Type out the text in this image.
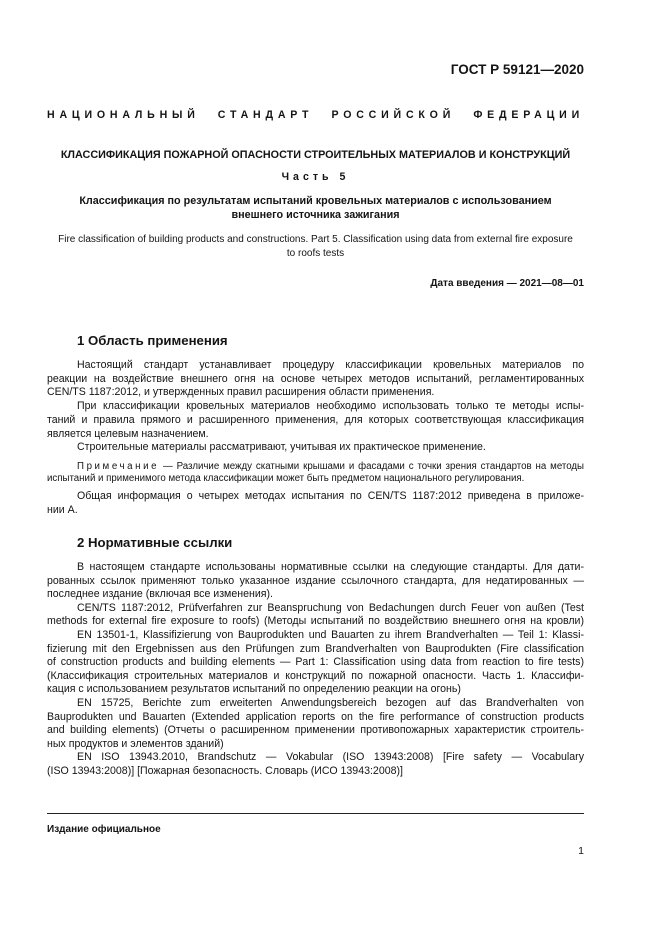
ГОСТ Р 59121—2020
НАЦИОНАЛЬНЫЙ СТАНДАРТ РОССИЙСКОЙ ФЕДЕРАЦИИ
КЛАССИФИКАЦИЯ ПОЖАРНОЙ ОПАСНОСТИ СТРОИТЕЛЬНЫХ МАТЕРИАЛОВ И КОНСТРУКЦИЙ
Часть 5
Классификация по результатам испытаний кровельных материалов с использованием
внешнего источника зажигания
Fire classification of building products and constructions. Part 5. Classification using data from external fire exposure
to roofs tests
Дата введения — 2021—08—01
1 Область применения
Настоящий стандарт устанавливает процедуру классификации кровельных материалов по
реакции на воздействие внешнего огня на основе четырех методов испытаний, регламентированных
CEN/TS 1187:2012, и утвержденных правил расширения области применения.
При классификации кровельных материалов необходимо использовать только те методы испы-
таний и правила прямого и расширенного применения, для которых соответствующая классификация
является целевым назначением.
Строительные материалы рассматривают, учитывая их практическое применение.
Примечание — Различие между скатными крышами и фасадами с точки зрения стандартов на методы
испытаний и применимого метода классификации может быть предметом национального регулирования.
Общая информация о четырех методах испытания по CEN/TS 1187:2012 приведена в приложе-
нии А.
2 Нормативные ссылки
В настоящем стандарте использованы нормативные ссылки на следующие стандарты. Для дати-
рованных ссылок применяют только указанное издание ссылочного стандарта, для недатированных —
последнее издание (включая все изменения).
CEN/TS 1187:2012, Prüfverfahren zur Beanspruchung von Bedachungen durch Feuer von außen (Test
methods for external fire exposure to roofs) (Методы испытаний по воздействию внешнего огня на кровли)
EN 13501-1, Klassifizierung von Bauprodukten und Bauarten zu ihrem Brandverhalten — Teil 1: Klassi-
fizierung mit den Ergebnissen aus den Prüfungen zum Brandverhalten von Bauprodukten (Fire classification
of construction products and building elements — Part 1: Classification using data from reaction to fire tests)
(Классификация строительных материалов и конструкций по пожарной опасности. Часть 1. Классифи-
кация с использованием результатов испытаний по определению реакции на огонь)
EN 15725, Berichte zum erweiterten Anwendungsbereich bezogen auf das Brandverhalten von
Bauprodukten und Bauarten (Extended application reports on the fire performance of construction products
and building elements) (Отчеты о расширенном применении противопожарных характеристик строитель-
ных продуктов и элементов зданий)
EN ISO 13943.2010, Brandschutz — Vokabular (ISO 13943:2008) [Fire safety — Vocabulary
(ISO 13943:2008)] [Пожарная безопасность. Словарь (ИСО 13943:2008)]
Издание официальное
1
